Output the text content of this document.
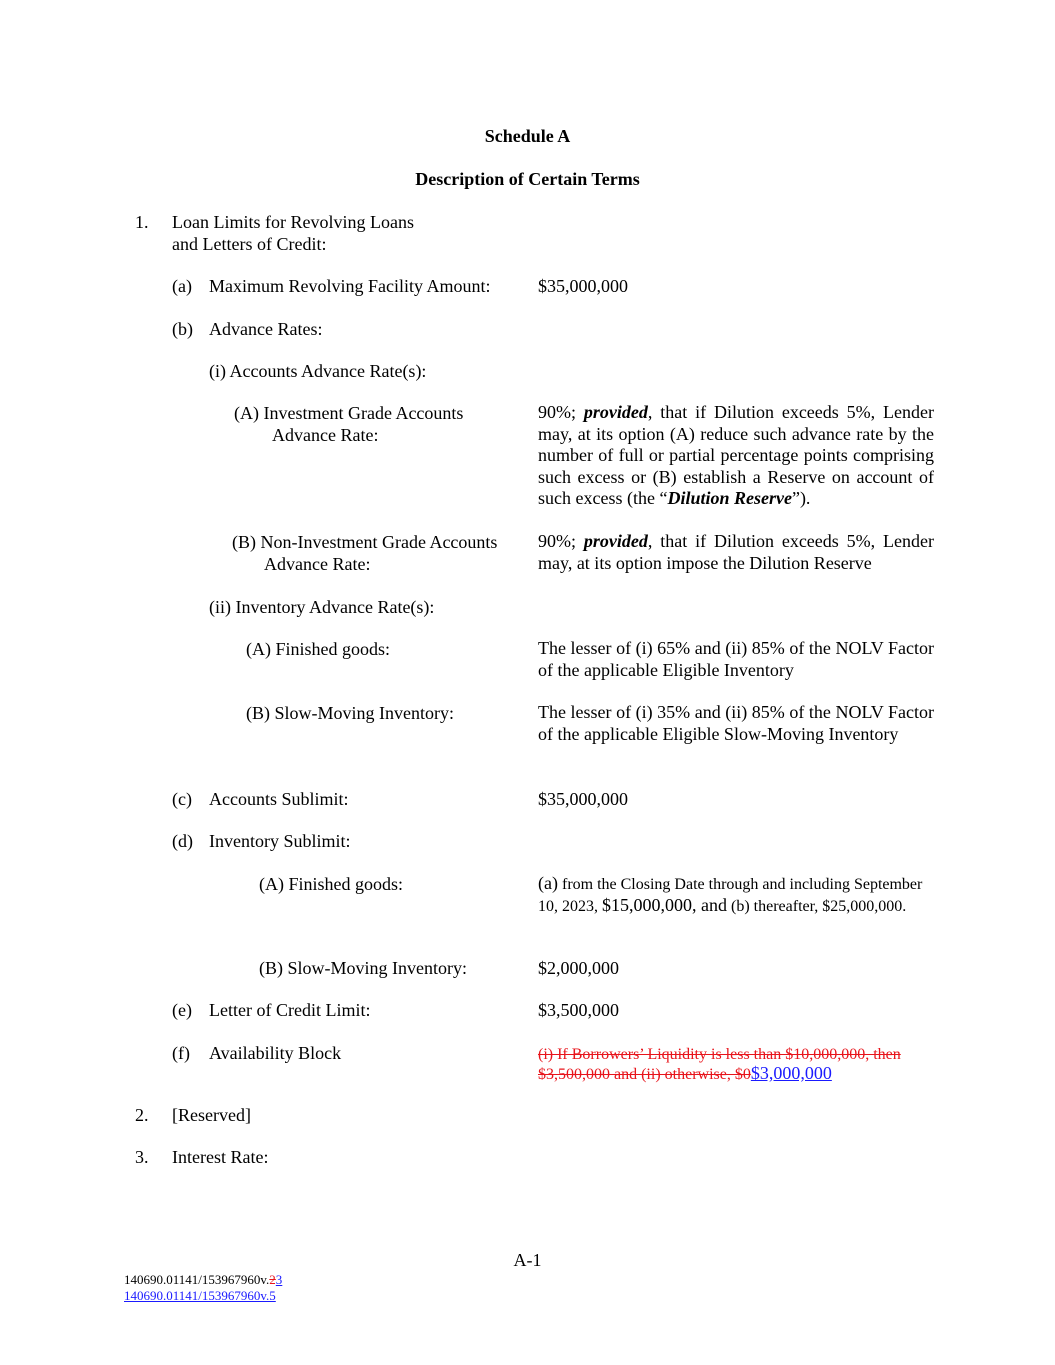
Schedule A
Description of Certain Terms
1. Loan Limits for Revolving Loans
and Letters of Credit:
(a) Maximum Revolving Facility Amount:	$35,000,000
(b) Advance Rates:
(i) Accounts Advance Rate(s):
(A) Investment Grade Accounts
Advance Rate:
90%; provided, that if Dilution exceeds 5%, Lender may, at its option (A) reduce such advance rate by the number of full or partial percentage points comprising such excess or (B) establish a Reserve on account of such excess (the “Dilution Reserve”).
(B) Non-Investment Grade Accounts
Advance Rate:
90%; provided, that if Dilution exceeds 5%, Lender may, at its option impose the Dilution Reserve
(ii) Inventory Advance Rate(s):
(A) Finished goods:	The lesser of (i) 65% and (ii) 85% of the NOLV Factor of the applicable Eligible Inventory
(B) Slow-Moving Inventory:	The lesser of (i) 35% and (ii) 85% of the NOLV Factor of the applicable Eligible Slow-Moving Inventory
(c) Accounts Sublimit:	$35,000,000
(d) Inventory Sublimit:
(A) Finished goods:	(a) from the Closing Date through and including September 10, 2023, $15,000,000, and (b) thereafter, $25,000,000.
(B) Slow-Moving Inventory:	$2,000,000
(e) Letter of Credit Limit:	$3,500,000
(f) Availability Block	(i) If Borrowers’ Liquidity is less than $10,000,000, then
$3,500,000 and (ii) otherwise, $0$3,000,000
2. [Reserved]
3. Interest Rate:
A-1
140690.01141/153967960v.23
140690.01141/153967960v.5
